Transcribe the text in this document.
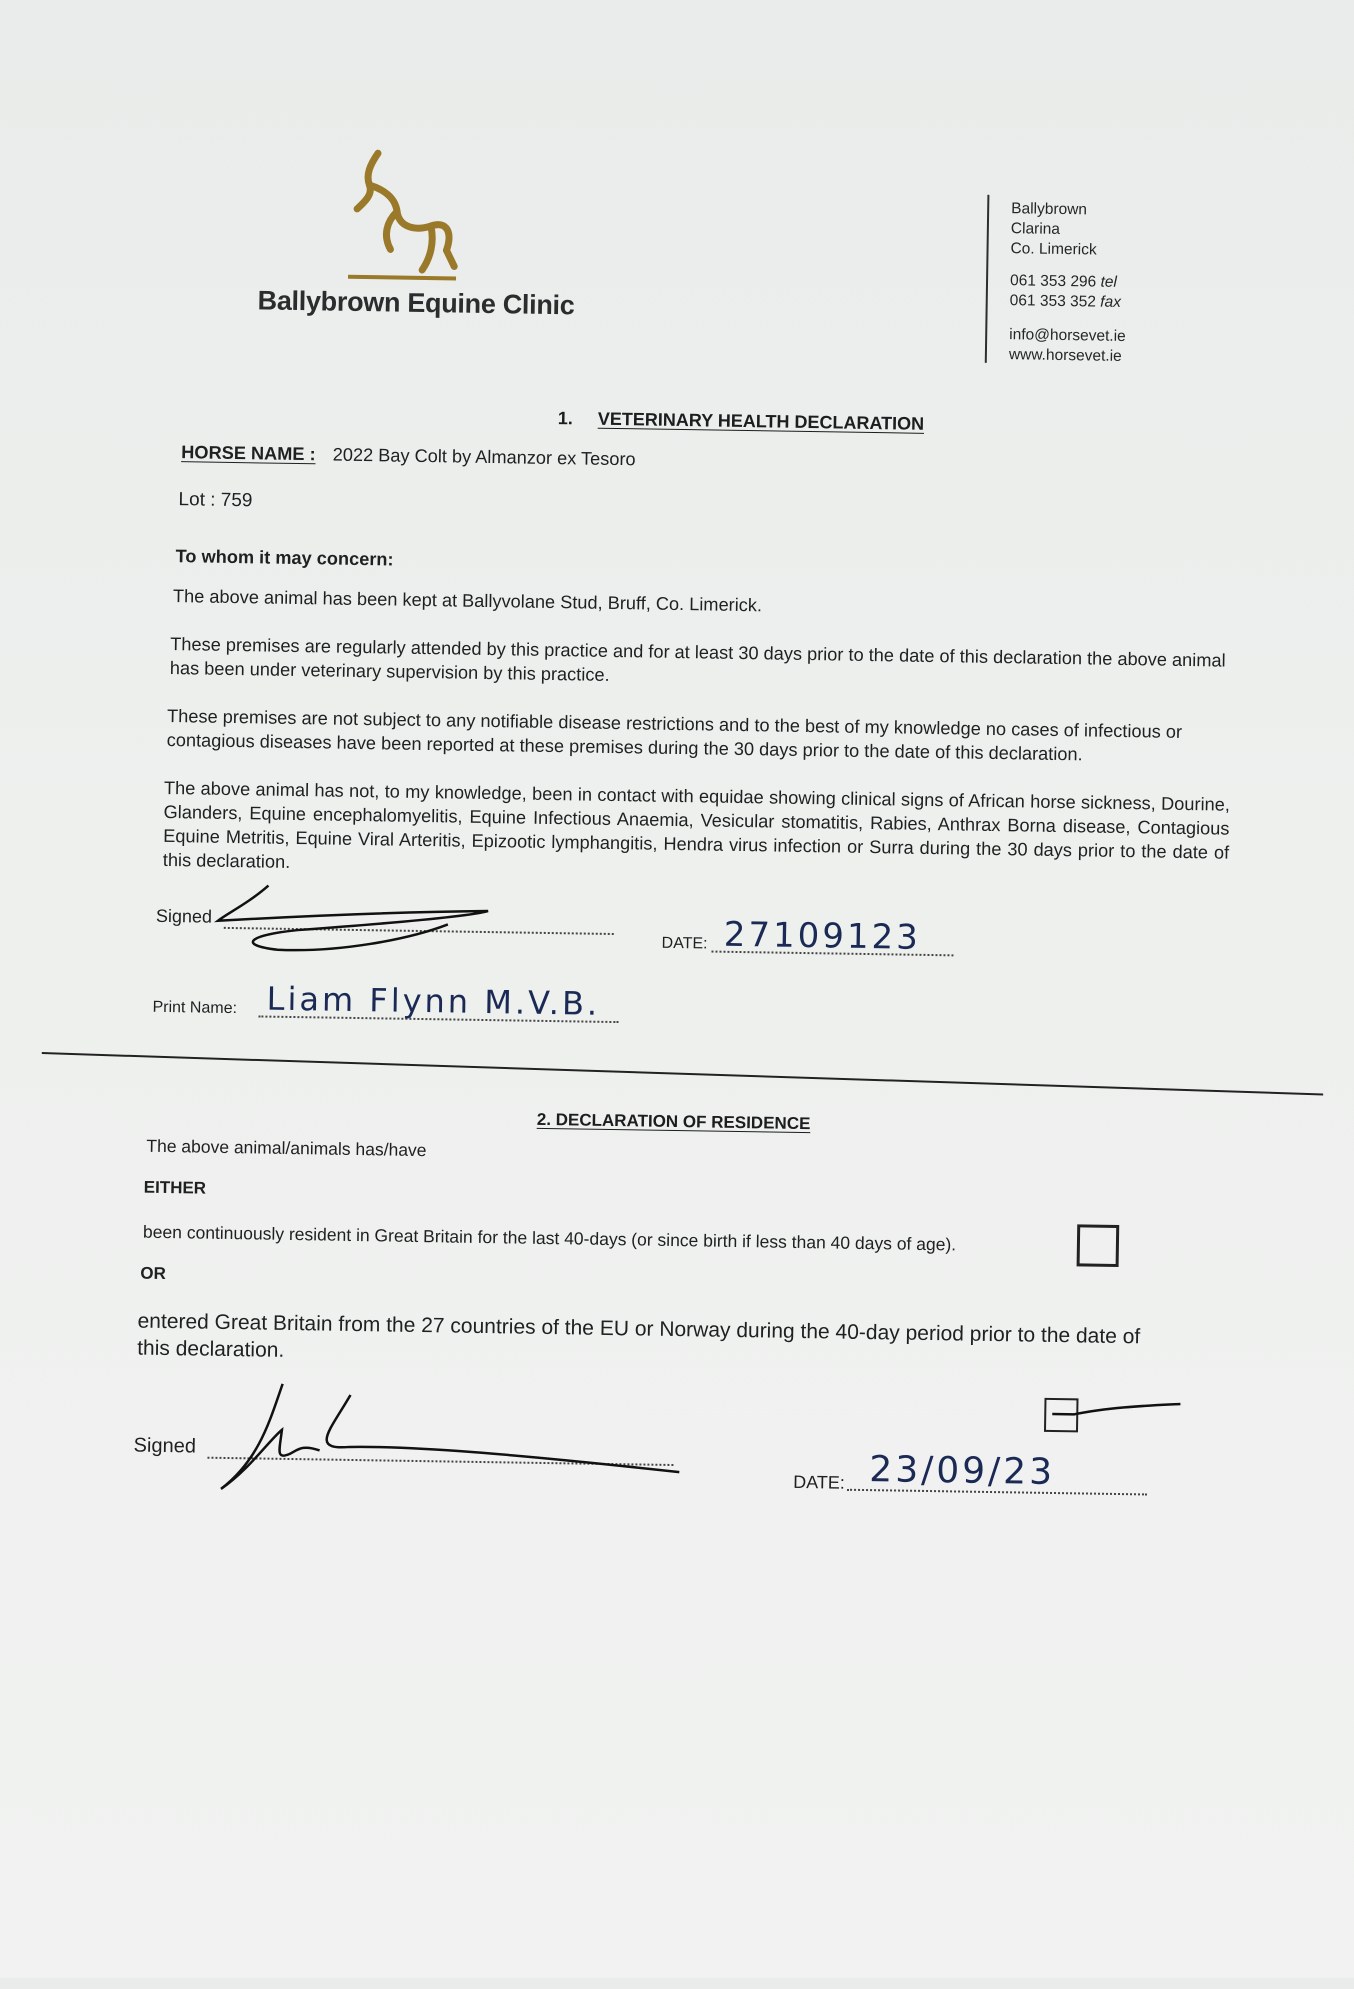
Ballybrown Equine Clinic
Ballybrown
Clarina
Co. Limerick
061 353 296 tel
061 353 352 fax
info@horsevet.ie
www.horsevet.ie
1. VETERINARY HEALTH DECLARATION
HORSE NAME : 2022 Bay Colt by Almanzor ex Tesoro
Lot : 759
To whom it may concern:
The above animal has been kept at Ballyvolane Stud, Bruff, Co. Limerick.
These premises are regularly attended by this practice and for at least 30 days prior to the date of this declaration the above animal has been under veterinary supervision by this practice.
These premises are not subject to any notifiable disease restrictions and to the best of my knowledge no cases of infectious or contagious diseases have been reported at these premises during the 30 days prior to the date of this declaration.
The above animal has not, to my knowledge, been in contact with equidae showing clinical signs of African horse sickness, Dourine, Glanders, Equine encephalomyelitis, Equine Infectious Anaemia, Vesicular stomatitis, Rabies, Anthrax Borna disease, Contagious Equine Metritis, Equine Viral Arteritis, Epizootic lymphangitis, Hendra virus infection or Surra during the 30 days prior to the date of this declaration.
Signed
DATE: 27109123
Print Name: Liam Flynn M.V.B.
2. DECLARATION OF RESIDENCE
The above animal/animals has/have
EITHER
been continuously resident in Great Britain for the last 40-days (or since birth if less than 40 days of age).
OR
entered Great Britain from the 27 countries of the EU or Norway during the 40-day period prior to the date of this declaration.
Signed
DATE: 23/09/23
